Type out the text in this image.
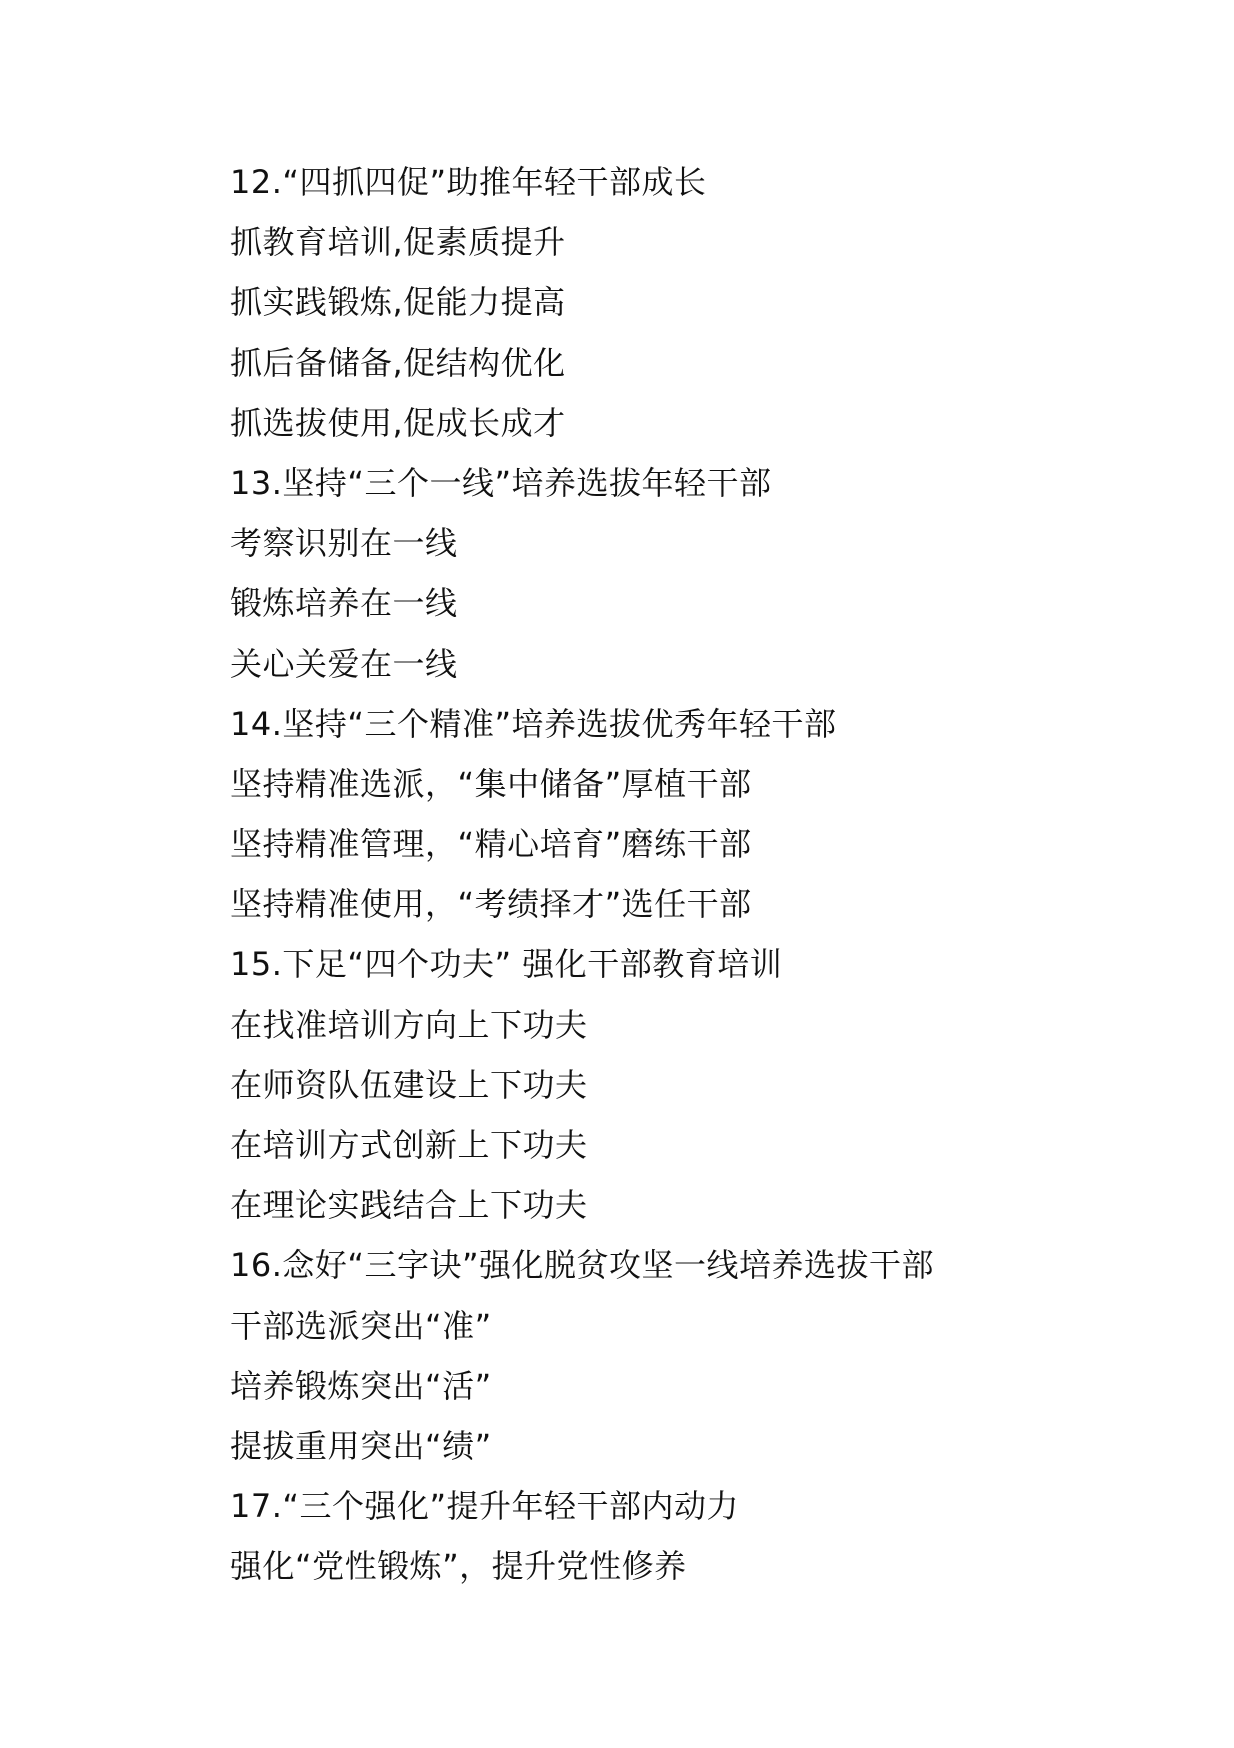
12.“四抓四促”助推年轻干部成长
抓教育培训,促素质提升
抓实践锻炼,促能力提高
抓后备储备,促结构优化
抓选拔使用,促成长成才
13.坚持“三个一线”培养选拔年轻干部
考察识别在一线
锻炼培养在一线
关心关爱在一线
14.坚持“三个精准”培养选拔优秀年轻干部
坚持精准选派，“集中储备”厚植干部
坚持精准管理，“精心培育”磨练干部
坚持精准使用，“考绩择才”选任干部
15.下足“四个功夫” 强化干部教育培训
在找准培训方向上下功夫
在师资队伍建设上下功夫
在培训方式创新上下功夫
在理论实践结合上下功夫
16.念好“三字诀”强化脱贫攻坚一线培养选拔干部
干部选派突出“准”
培养锻炼突出“活”
提拔重用突出“绩”
17.“三个强化”提升年轻干部内动力
强化“党性锻炼”，提升党性修养
